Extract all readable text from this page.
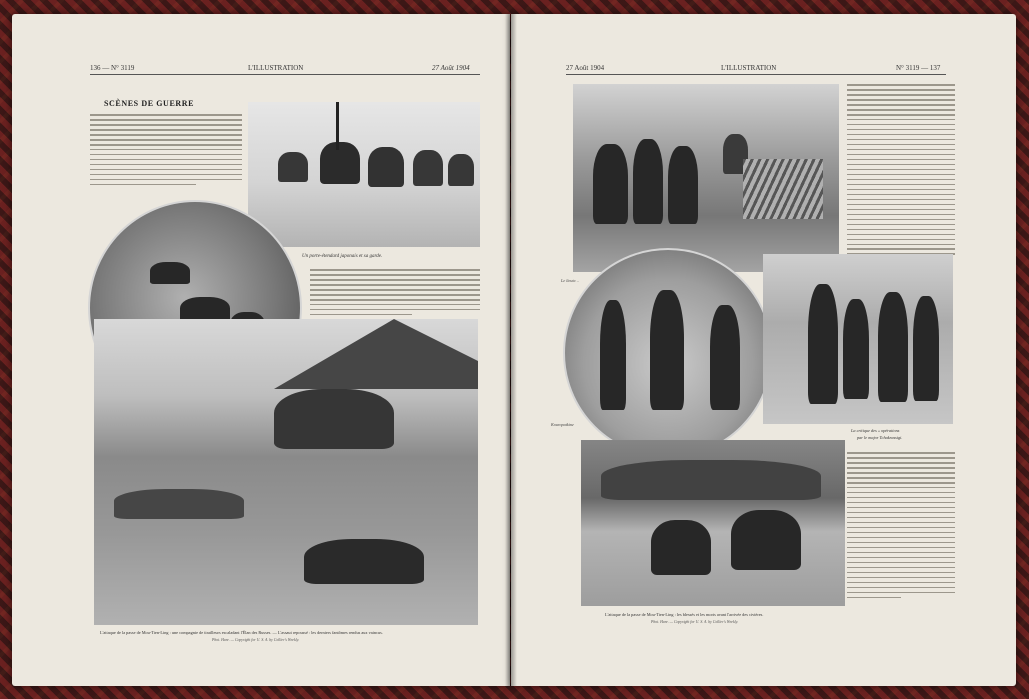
136 — N° 3119	L'ILLUSTRATION	27 Août 1904
SCÈNES DE GUERRE
Un porte-étendard japonais et sa garde.
L'attaque de la passe de Mou-Tien-Ling : une compagnie de tirailleurs escaladant l'Élan des Russes. — L'assaut repoussé : les derniers fantômes rendus aux vaincus.
Phot. Hare. — Copyright for U. S. A. by Collier's Weekly.
27 Août 1904	L'ILLUSTRATION	N° 3119 — 137
Le lieute…
Kouropatkine
La critique des « opérations
par le major Tchakrassigi.
L'attaque de la passe de Mou-Tien-Ling : les blessés et les morts avant l'arrivée des civières.
Phot. Hare. — Copyright for U. S. A. by Collier's Weekly.
